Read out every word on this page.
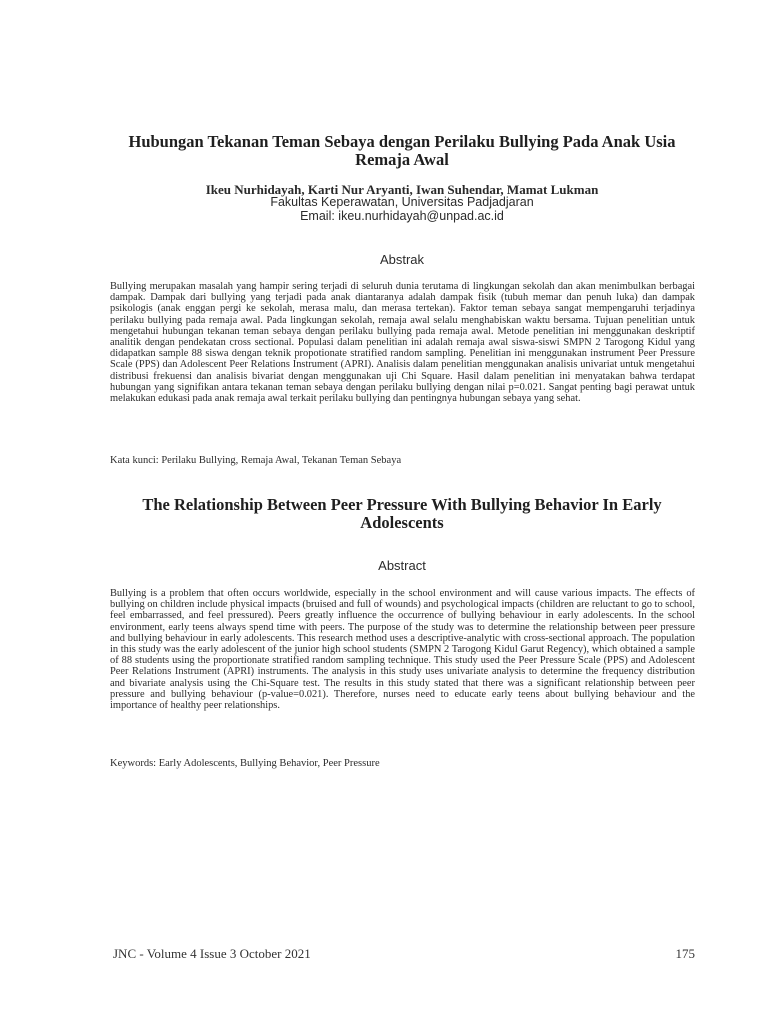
Hubungan Tekanan Teman Sebaya dengan Perilaku Bullying Pada Anak Usia Remaja Awal
Ikeu Nurhidayah, Karti Nur Aryanti, Iwan Suhendar, Mamat Lukman
Fakultas Keperawatan, Universitas Padjadjaran
Email: ikeu.nurhidayah@unpad.ac.id
Abstrak
Bullying merupakan masalah yang hampir sering terjadi di seluruh dunia terutama di lingkungan sekolah dan akan menimbulkan berbagai dampak. Dampak dari bullying yang terjadi pada anak diantaranya adalah dampak fisik (tubuh memar dan penuh luka) dan dampak psikologis (anak enggan pergi ke sekolah, merasa malu, dan merasa tertekan). Faktor teman sebaya sangat mempengaruhi terjadinya perilaku bullying pada remaja awal. Pada lingkungan sekolah, remaja awal selalu menghabiskan waktu bersama. Tujuan penelitian untuk mengetahui hubungan tekanan teman sebaya dengan perilaku bullying pada remaja awal. Metode penelitian ini menggunakan deskriptif analitik dengan pendekatan cross sectional. Populasi dalam penelitian ini adalah remaja awal siswa-siswi SMPN 2 Tarogong Kidul yang didapatkan sample 88 siswa dengan teknik propotionate stratified random sampling. Penelitian ini menggunakan instrument Peer Pressure Scale (PPS) dan Adolescent Peer Relations Instrument (APRI). Analisis dalam penelitian menggunakan analisis univariat untuk mengetahui distribusi frekuensi dan analisis bivariat dengan menggunakan uji Chi Square. Hasil dalam penelitian ini menyatakan bahwa terdapat hubungan yang signifikan antara tekanan teman sebaya dengan perilaku bullying dengan nilai p=0.021. Sangat penting bagi perawat untuk melakukan edukasi pada anak remaja awal terkait perilaku bullying dan pentingnya hubungan sebaya yang sehat.
Kata kunci: Perilaku Bullying, Remaja Awal, Tekanan Teman Sebaya
The Relationship Between Peer Pressure With Bullying Behavior In Early Adolescents
Abstract
Bullying is a problem that often occurs worldwide, especially in the school environment and will cause various impacts. The effects of bullying on children include physical impacts (bruised and full of wounds) and psychological impacts (children are reluctant to go to school, feel embarrassed, and feel pressured). Peers greatly influence the occurrence of bullying behaviour in early adolescents. In the school environment, early teens always spend time with peers. The purpose of the study was to determine the relationship between peer pressure and bullying behaviour in early adolescents. This research method uses a descriptive-analytic with cross-sectional approach. The population in this study was the early adolescent of the junior high school students (SMPN 2 Tarogong Kidul Garut Regency), which obtained a sample of 88 students using the proportionate stratified random sampling technique. This study used the Peer Pressure Scale (PPS) and Adolescent Peer Relations Instrument (APRI) instruments. The analysis in this study uses univariate analysis to determine the frequency distribution and bivariate analysis using the Chi-Square test. The results in this study stated that there was a significant relationship between peer pressure and bullying behaviour (p-value=0.021). Therefore, nurses need to educate early teens about bullying behaviour and the importance of healthy peer relationships.
Keywords: Early Adolescents, Bullying Behavior, Peer Pressure
JNC - Volume 4 Issue 3 October 2021	175
